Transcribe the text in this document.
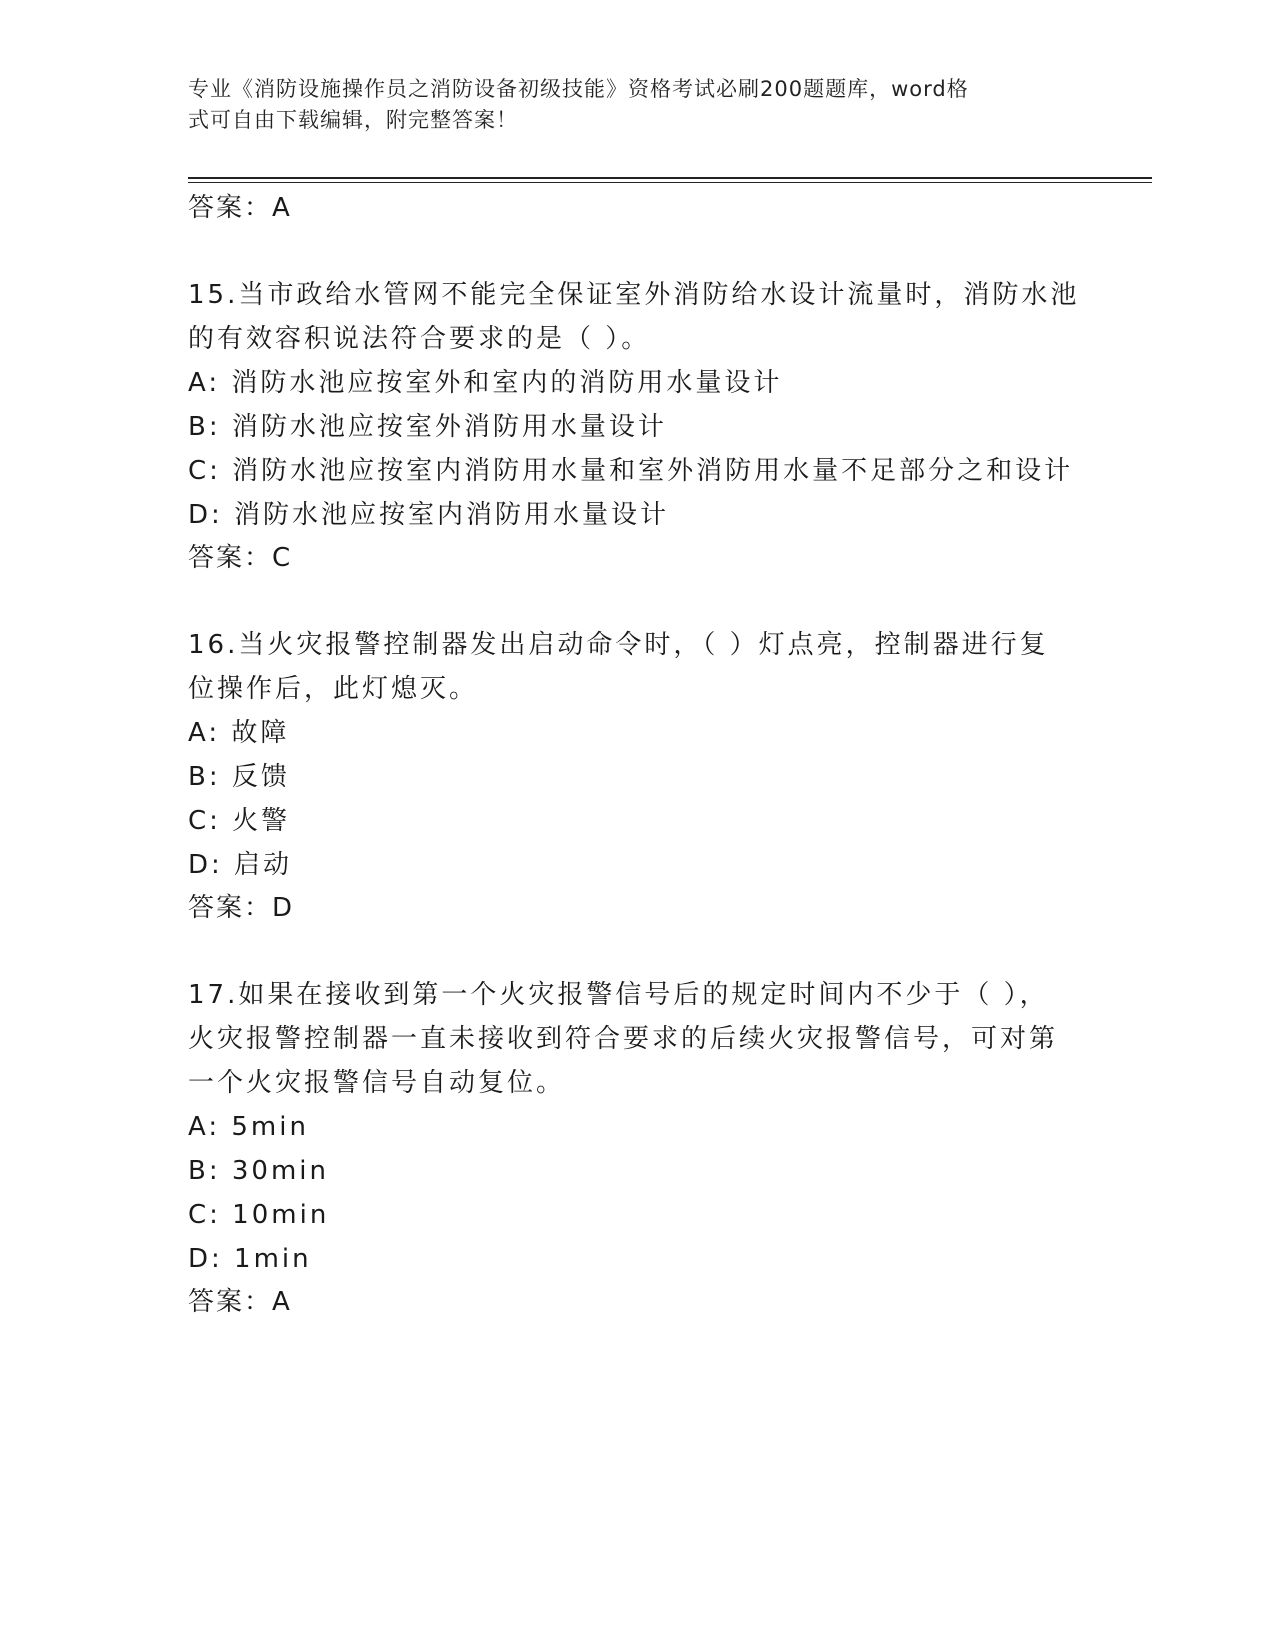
专业《消防设施操作员之消防设备初级技能》资格考试必刷200题题库，word格
式可自由下载编辑，附完整答案！
答案：A
15.当市政给水管网不能完全保证室外消防给水设计流量时，消防水池
的有效容积说法符合要求的是（ ）。
A: 消防水池应按室外和室内的消防用水量设计
B: 消防水池应按室外消防用水量设计
C: 消防水池应按室内消防用水量和室外消防用水量不足部分之和设计
D: 消防水池应按室内消防用水量设计
答案：C
16.当火灾报警控制器发出启动命令时，（ ）灯点亮，控制器进行复
位操作后，此灯熄灭。
A: 故障
B: 反馈
C: 火警
D: 启动
答案：D
17.如果在接收到第一个火灾报警信号后的规定时间内不少于（ ），
火灾报警控制器一直未接收到符合要求的后续火灾报警信号，可对第
一个火灾报警信号自动复位。
A: 5min
B: 30min
C: 10min
D: 1min
答案：A
